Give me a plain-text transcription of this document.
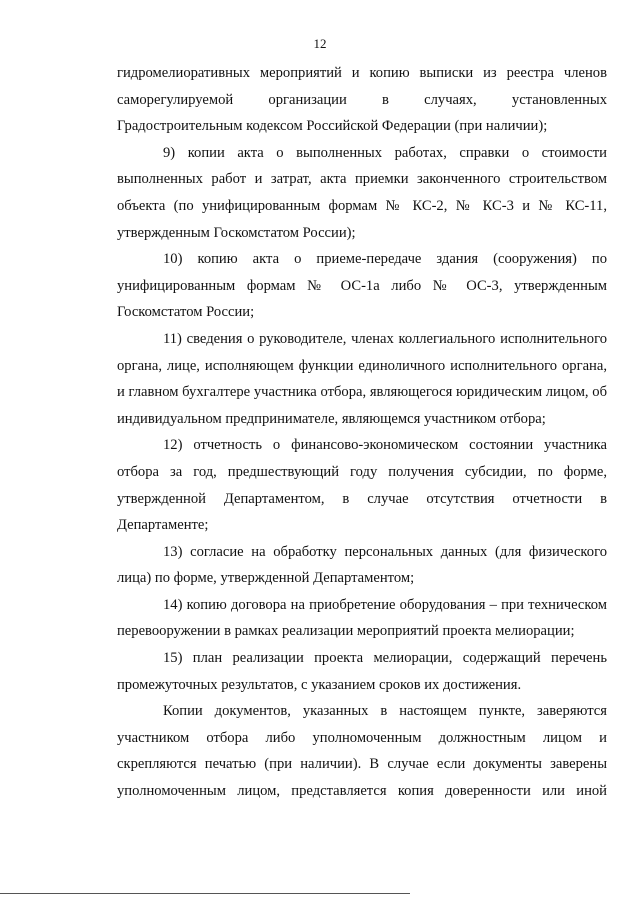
12

гидромелиоративных мероприятий и копию выписки из реестра членов саморегулируемой организации в случаях, установленных Градостроительным кодексом Российской Федерации (при наличии);

9) копии акта о выполненных работах, справки о стоимости выполненных работ и затрат, акта приемки законченного строительством объекта (по унифицированным формам № КС-2, № КС-3 и № КС-11, утвержденным Госкомстатом России);

10) копию акта о приеме-передаче здания (сооружения) по унифицированным формам № ОС-1а либо № ОС-3, утвержденным Госкомстатом России;

11) сведения о руководителе, членах коллегиального исполнительного органа, лице, исполняющем функции единоличного исполнительного органа, и главном бухгалтере участника отбора, являющегося юридическим лицом, об индивидуальном предпринимателе, являющемся участником отбора;

12) отчетность о финансово-экономическом состоянии участника отбора за год, предшествующий году получения субсидии, по форме, утвержденной Департаментом, в случае отсутствия отчетности в Департаменте;

13) согласие на обработку персональных данных (для физического лица) по форме, утвержденной Департаментом;

14) копию договора на приобретение оборудования – при техническом перевооружении в рамках реализации мероприятий проекта мелиорации;

15) план реализации проекта мелиорации, содержащий перечень промежуточных результатов, с указанием сроков их достижения.

Копии документов, указанных в настоящем пункте, заверяются участником отбора либо уполномоченным должностным лицом и скрепляются печатью (при наличии). В случае если документы заверены уполномоченным лицом, представляется копия доверенности или иной
